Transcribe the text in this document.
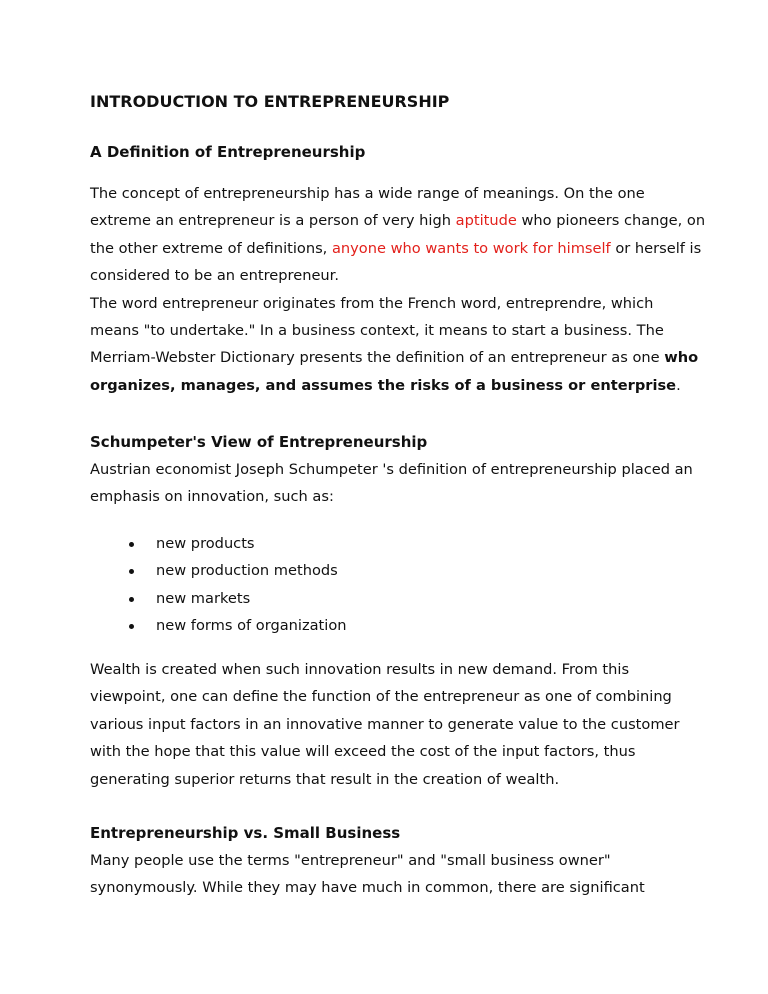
INTRODUCTION TO ENTREPRENEURSHIP
A Definition of Entrepreneurship
The concept of entrepreneurship has a wide range of meanings. On the one
extreme an entrepreneur is a person of very high aptitude who pioneers change, on
the other extreme of definitions, anyone who wants to work for himself or herself is
considered to be an entrepreneur.
The word entrepreneur originates from the French word, entreprendre, which
means "to undertake." In a business context, it means to start a business. The
Merriam-Webster Dictionary presents the definition of an entrepreneur as one who
organizes, manages, and assumes the risks of a business or enterprise.
Schumpeter's View of Entrepreneurship
Austrian economist Joseph Schumpeter 's definition of entrepreneurship placed an
emphasis on innovation, such as:
new products
new production methods
new markets
new forms of organization
Wealth is created when such innovation results in new demand. From this
viewpoint, one can define the function of the entrepreneur as one of combining
various input factors in an innovative manner to generate value to the customer
with the hope that this value will exceed the cost of the input factors, thus
generating superior returns that result in the creation of wealth.
Entrepreneurship vs. Small Business
Many people use the terms "entrepreneur" and "small business owner"
synonymously. While they may have much in common, there are significant
